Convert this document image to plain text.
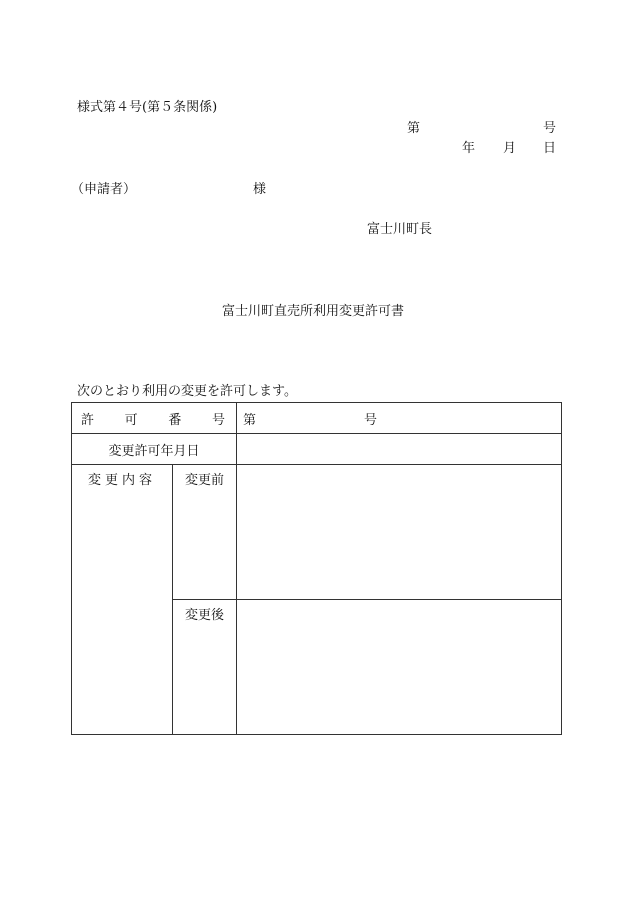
様式第４号(第５条関係)
第	号
年 月 日
（申請者）	様
富士川町長
富士川町直売所利用変更許可書
次のとおり利用の変更を許可します。
許 可 番 号		第 号

変更許可年月日		

変更内容	変更前	

	変更後	
